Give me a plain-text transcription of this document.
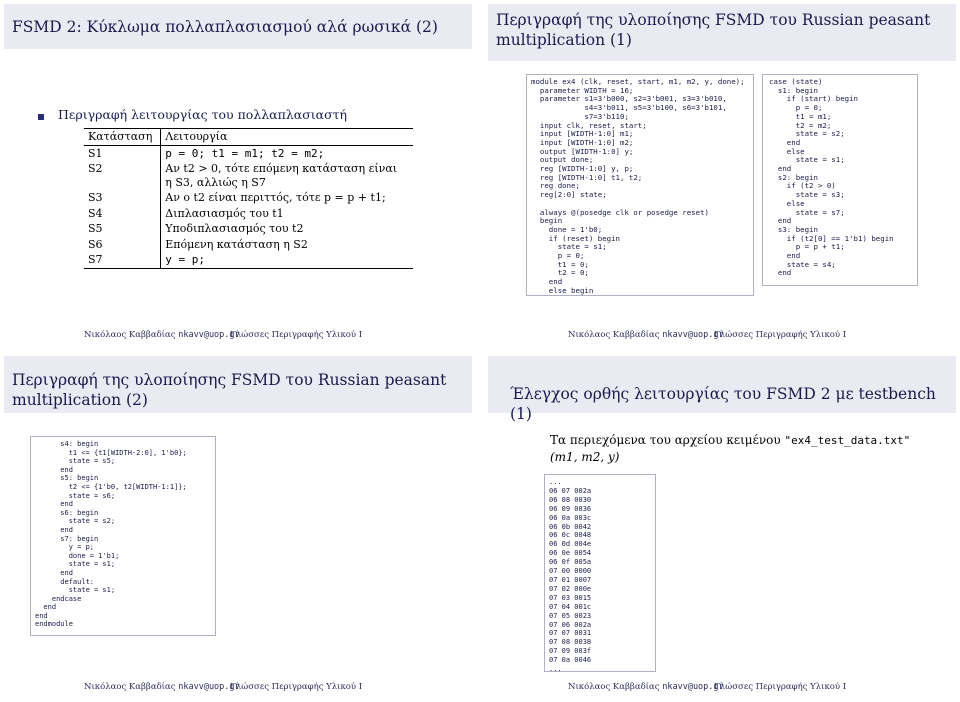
FSMD 2: Κύκλωμα πολλαπλασιασμού αλά ρωσικά (2)
Περιγραφή λειτουργίας του πολλαπλασιαστή
Κατάσταση	Λειτουργία
S1	p = 0; t1 = m1; t2 = m2;
S2	Αν t2 > 0, τότε επόμενη κατάσταση είναι η S3, αλλιώς η S7
S3	Αν ο t2 είναι περιττός, τότε p = p + t1;
S4	Διπλασιασμός του t1
S5	Υποδιπλασιασμός του t2
S6	Επόμενη κατάσταση η S2
S7	y = p;
Νικόλαος Καββαδίας nkavv@uop.gr
Γλώσσες Περιγραφής Υλικού Ι
Περιγραφή της υλοποίησης FSMD του Russian peasant multiplication (1)
module ex4 (clk, reset, start, m1, m2, y, done);
parameter WIDTH = 16;
parameter s1=3'b000, s2=3'b001, s3=3'b010,
s4=3'b011, s5=3'b100, s6=3'b101,
s7=3'b110;
input clk, reset, start;
input [WIDTH-1:0] m1;
input [WIDTH-1:0] m2;
output [WIDTH-1:0] y;
output done;
reg [WIDTH-1:0] y, p;
reg [WIDTH-1:0] t1, t2;
reg done;
reg[2:0] state;

always @(posedge clk or posedge reset)
begin
done = 1'b0;
if (reset) begin
state = s1;
p = 0;
t1 = 0;
t2 = 0;
end
else begin
case (state)
s1: begin
if (start) begin
p = 0;
t1 = m1;
t2 = m2;
state = s2;
end
else
state = s1;
end
s2: begin
if (t2 > 0)
state = s3;
else
state = s7;
end
s3: begin
if (t2[0] == 1'b1) begin
p = p + t1;
end
state = s4;
end
Νικόλαος Καββαδίας nkavv@uop.gr
Γλώσσες Περιγραφής Υλικού Ι
Περιγραφή της υλοποίησης FSMD του Russian peasant multiplication (2)
s4: begin
t1 <= {t1[WIDTH-2:0], 1'b0};
state = s5;
end
s5: begin
t2 <= {1'b0, t2[WIDTH-1:1]};
state = s6;
end
s6: begin
state = s2;
end
s7: begin
y = p;
done = 1'b1;
state = s1;
end
default:
state = s1;
endcase
end
end
endmodule
Νικόλαος Καββαδίας nkavv@uop.gr
Γλώσσες Περιγραφής Υλικού Ι
Έλεγχος ορθής λειτουργίας του FSMD 2 με testbench (1)
Τα περιεχόμενα του αρχείου κειμένου "ex4_test_data.txt"
(m1, m2, y)
...
06 07 002a
06 08 0030
06 09 0036
06 0a 003c
06 0b 0042
06 0c 0048
06 0d 004e
06 0e 0054
06 0f 005a
07 00 0000
07 01 0007
07 02 000e
07 03 0015
07 04 001c
07 05 0023
07 06 002a
07 07 0031
07 08 0038
07 09 003f
07 0a 0046
...
Νικόλαος Καββαδίας nkavv@uop.gr
Γλώσσες Περιγραφής Υλικού Ι
